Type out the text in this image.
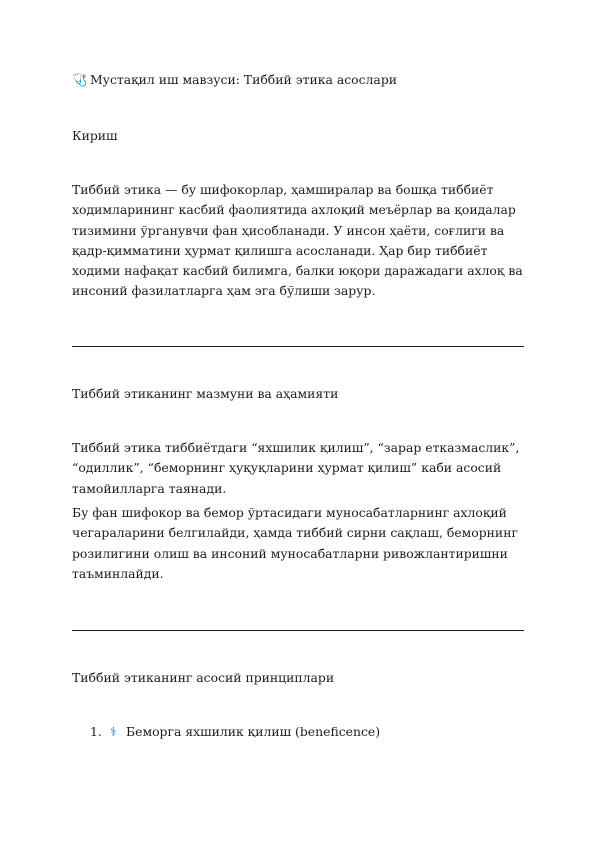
🩺 Мустақил иш мавзуси: Тиббий этика асослари
Кириш

Тиббий этика — бу шифокорлар, ҳамширалар ва бошқа тиббиёт ходимларининг касбий фаолиятида ахлоқий меъёрлар ва қоидалар тизимини ўрганувчи фан ҳисобланади. У инсон ҳаёти, соғлиги ва қадр-қимматини ҳурмат қилишга асосланади. Ҳар бир тиббиёт ходими нафақат касбий билимга, балки юқори даражадаги ахлоқ ва инсоний фазилатларга ҳам эга бўлиши зарур.

Тиббий этиканинг мазмуни ва аҳамияти

Тиббий этика тиббиётдаги “яхшилик қилиш”, “зарар етказмаслик”, “одиллик”, “беморнинг ҳуқуқларини ҳурмат қилиш” каби асосий тамойилларга таянади.

Бу фан шифокор ва бемор ўртасидаги муносабатларнинг ахлоқий чегараларини белгилайди, ҳамда тиббий сирни сақлаш, беморнинг розилигини олиш ва инсоний муносабатларни ривожлантиришни таъминлайди.

Тиббий этиканинг асосий принциплари
1. ⚕ Беморга яхшилик қилиш (beneficence)
